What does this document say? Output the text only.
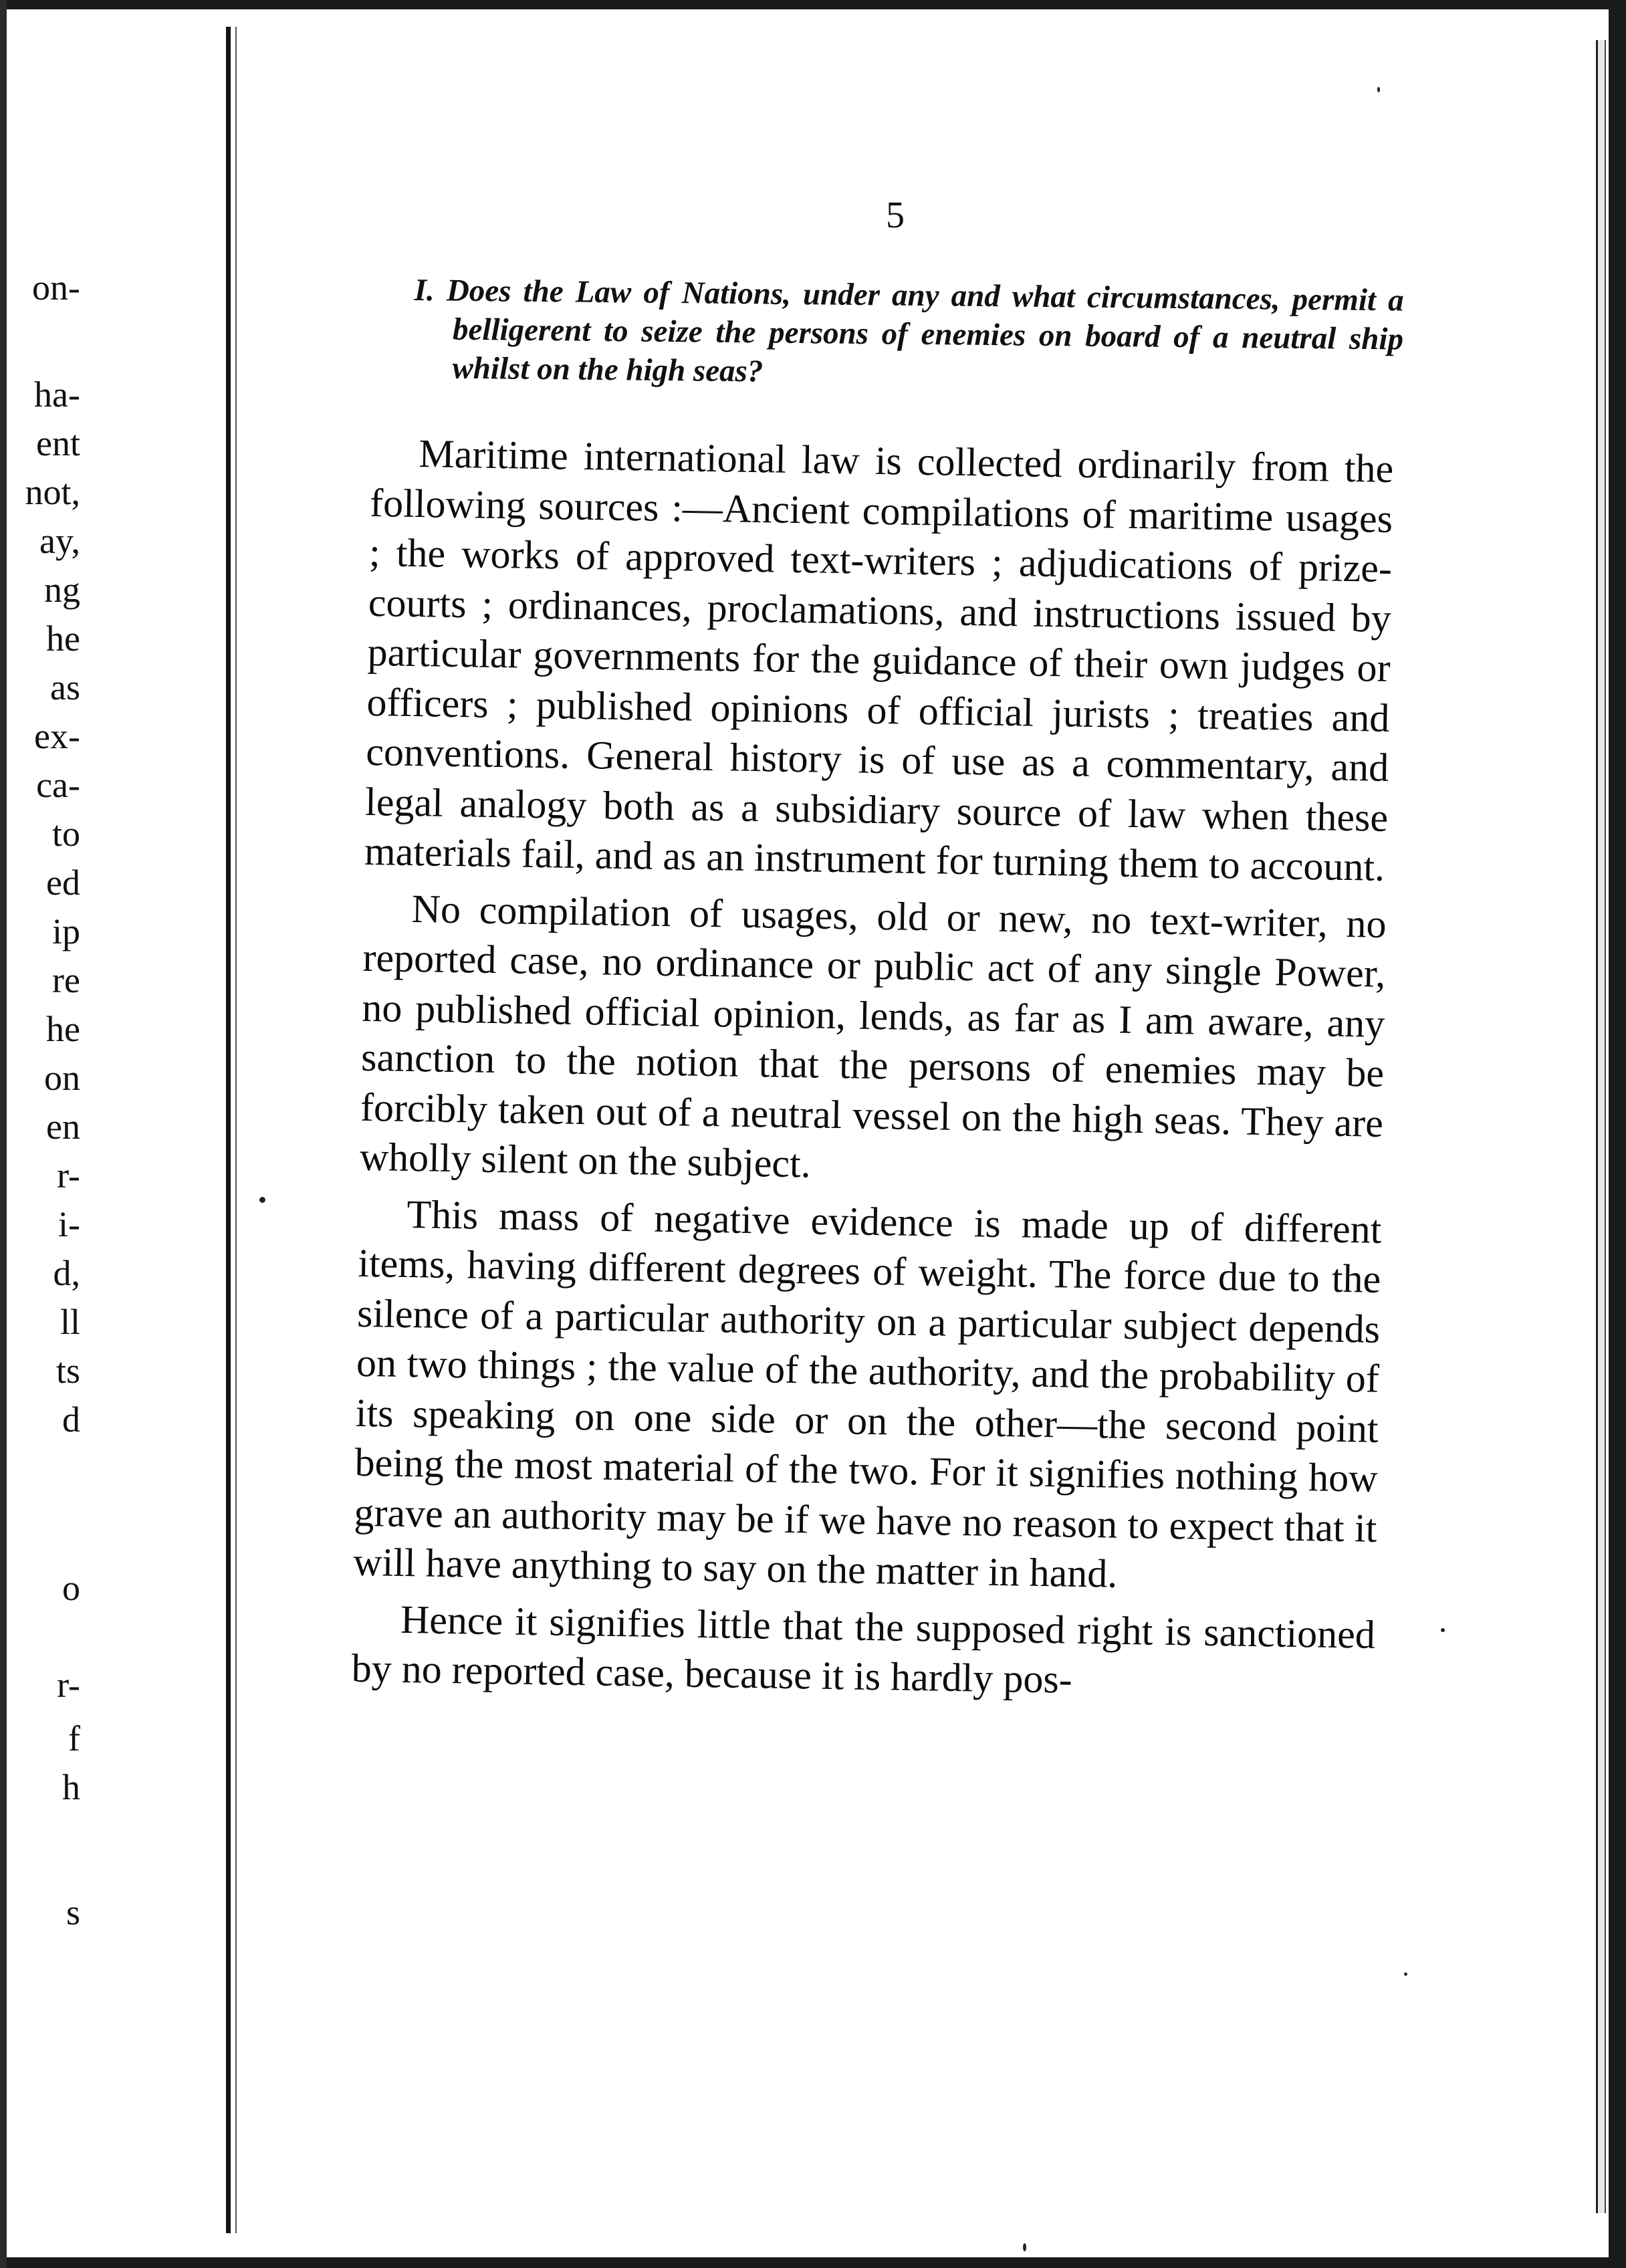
on-
ha-
ent
not,
ay,
ng
he
as
ex-
ca-
to
ed
ip
re
he
on
en
r-
i-
d,
ll
ts
d
o
r-
f
h
s
5
I. Does the Law of Nations, under any and what circumstances, permit a belligerent to seize the persons of enemies on board of a neutral ship whilst on the high seas?

Maritime international law is collected ordinarily from the following sources :—Ancient compilations of maritime usages ; the works of approved text-writers ; adjudications of prize-courts ; ordinances, proclamations, and instructions issued by particular governments for the guidance of their own judges or officers ; published opinions of official jurists ; treaties and conventions. General history is of use as a commentary, and legal analogy both as a subsidiary source of law when these materials fail, and as an instrument for turning them to account.

No compilation of usages, old or new, no text-writer, no reported case, no ordinance or public act of any single Power, no published official opinion, lends, as far as I am aware, any sanction to the notion that the persons of enemies may be forcibly taken out of a neutral vessel on the high seas. They are wholly silent on the subject.

This mass of negative evidence is made up of different items, having different degrees of weight. The force due to the silence of a particular authority on a particular subject depends on two things ; the value of the authority, and the probability of its speaking on one side or on the other—the second point being the most material of the two. For it signifies nothing how grave an authority may be if we have no reason to expect that it will have anything to say on the matter in hand.

Hence it signifies little that the supposed right is sanctioned by no reported case, because it is hardly pos-
